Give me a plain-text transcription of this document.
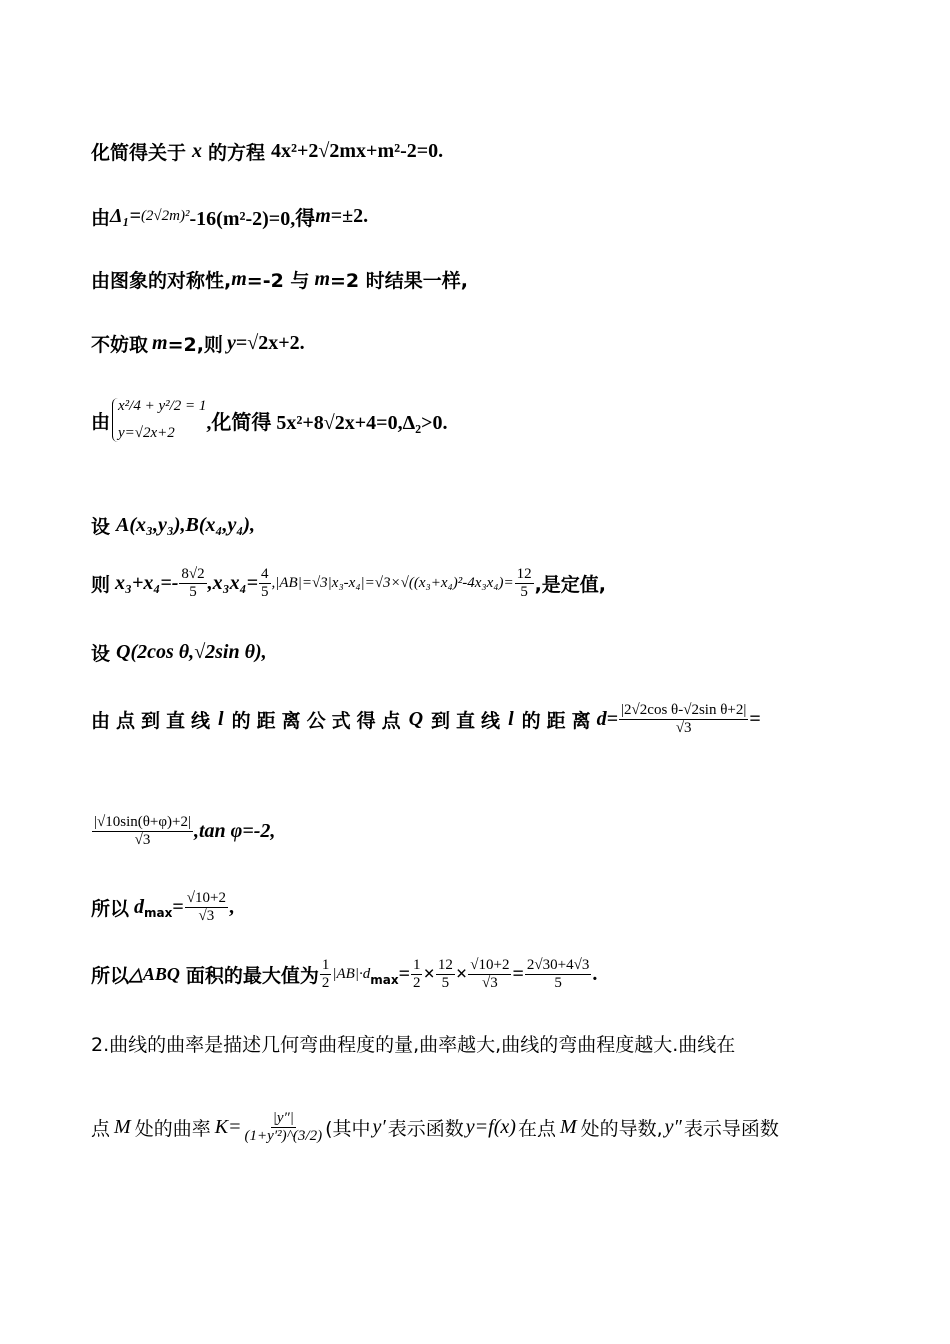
化简得关于 x 的方程 4x²+2√2mx+m²-2=0.
由 Δ₁= (2√2m)² -16(m²-2)=0,得 m =±2.
由图象的对称性, m =-2 与 m =2 时结果一样,
不妨取 m =2,则 y =√2x+2.
由
x²/4 + y²/2 = 1
y=√2x+2	,化简得 5x²+8√2x+4=0,Δ₂>0.
设 A(x₃,y₃),B(x₄,y₄),
则 $x_3+x_4=- \frac{8√2}{5} ,x_3x_4= \frac{4}{5} ,|AB|=√3|x_3-x_4|=√3\times√((x_3+x_4)^2-4x_3x_4)= \frac{12}{5}$ ,是定值,
设 Q(2cos θ,√2sin θ),
由点到直线 l 的距离公式得点 Q 到直线 l 的距离 $d= \frac{\text{|2√2cos θ-√2sin θ+2|}}{√3}$ =
$\frac{|√10\sin(\theta+\varphi)+2|}{√3} ,\tan$ φ=-2,
所以 d $\max = \frac{√10+2}{√3}$ ,
所以 △ABQ 面积的最大值为 $\frac{1}{2} |AB|\cdot d$ $\max = \frac{1}{2} \times \frac{12}{5} \times \frac{√10+2}{√3} = \frac{2√30+4√3}{5}$ .
2.曲线的曲率是描述几何弯曲程度的量,曲率越大,曲线的弯曲程度越大.曲线在
点 M 处的曲率 $K= \frac{|y''|}{\text{(1+y′²)\textasciicircum{}(3/2)}}$ (其中 y′ 表示函数 y=f(x) 在点 M 处的导数, y″ 表示导函数
